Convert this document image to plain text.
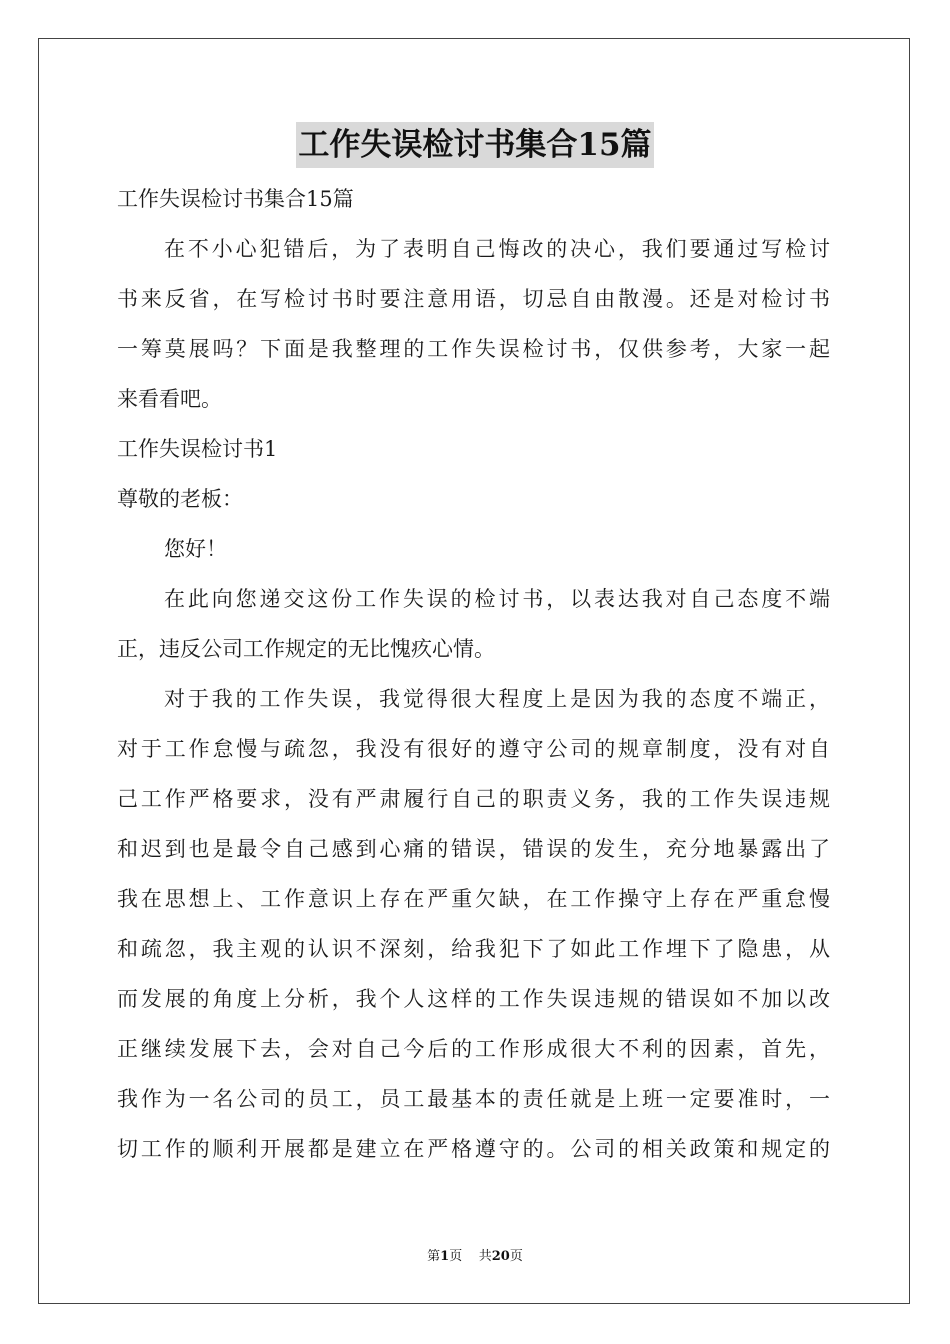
工作失误检讨书集合15篇
工作失误检讨书集合15篇
在不小心犯错后，为了表明自己悔改的决心，我们要通过写检讨
书来反省，在写检讨书时要注意用语，切忌自由散漫。还是对检讨书
一筹莫展吗？下面是我整理的工作失误检讨书，仅供参考，大家一起
来看看吧。
工作失误检讨书1
尊敬的老板：
您好！
在此向您递交这份工作失误的检讨书，以表达我对自己态度不端
正，违反公司工作规定的无比愧疚心情。
对于我的工作失误，我觉得很大程度上是因为我的态度不端正，
对于工作怠慢与疏忽，我没有很好的遵守公司的规章制度，没有对自
己工作严格要求，没有严肃履行自己的职责义务，我的工作失误违规
和迟到也是最令自己感到心痛的错误，错误的发生，充分地暴露出了
我在思想上、工作意识上存在严重欠缺，在工作操守上存在严重怠慢
和疏忽，我主观的认识不深刻，给我犯下了如此工作埋下了隐患，从
而发展的角度上分析，我个人这样的工作失误违规的错误如不加以改
正继续发展下去，会对自己今后的工作形成很大不利的因素，首先，
我作为一名公司的员工，员工最基本的责任就是上班一定要准时，一
切工作的顺利开展都是建立在严格遵守的。公司的相关政策和规定的
第1页 共20页
